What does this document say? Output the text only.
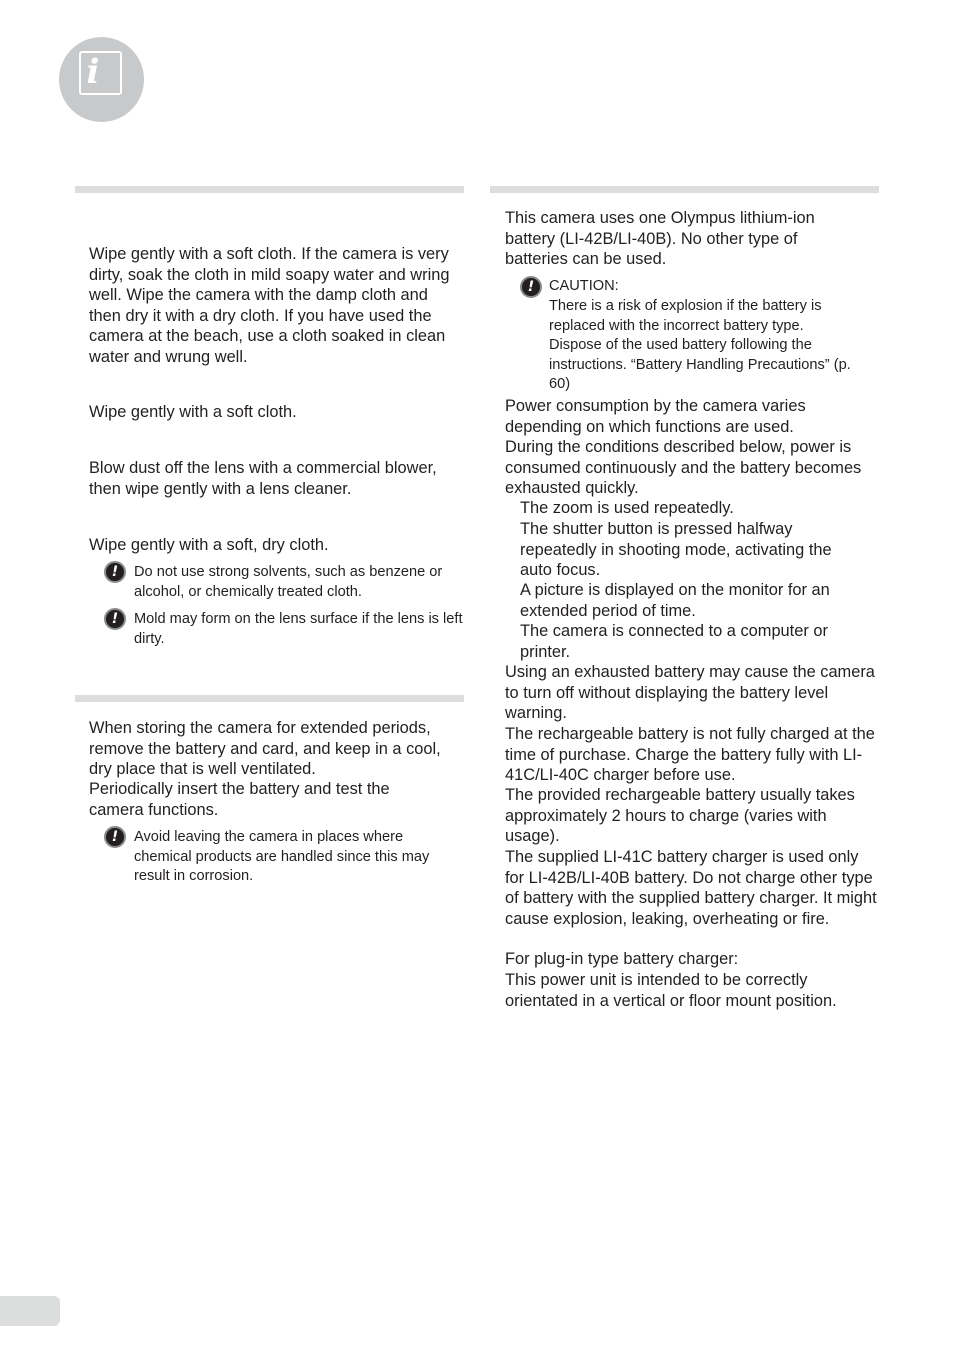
i
Wipe gently with a soft cloth. If the camera is very dirty, soak the cloth in mild soapy water and wring well. Wipe the camera with the damp cloth and then dry it with a dry cloth. If you have used the camera at the beach, use a cloth soaked in clean water and wrung well.
Wipe gently with a soft cloth.
Blow dust off the lens with a commercial blower, then wipe gently with a lens cleaner.
Wipe gently with a soft, dry cloth.
!	Do not use strong solvents, such as benzene or alcohol, or chemically treated cloth.
!	Mold may form on the lens surface if the lens is left dirty.
When storing the camera for extended periods, remove the battery and card, and keep in a cool, dry place that is well ventilated.
Periodically insert the battery and test the camera functions.
!	Avoid leaving the camera in places where chemical products are handled since this may result in corrosion.
This camera uses one Olympus lithium-ion battery (LI-42B/LI-40B). No other type of batteries can be used.
!	CAUTION:
There is a risk of explosion if the battery is replaced with the incorrect battery type. Dispose of the used battery following the instructions. “Battery Handling Precautions” (p. 60)
Power consumption by the camera varies depending on which functions are used.
During the conditions described below, power is consumed continuously and the battery becomes exhausted quickly.
The zoom is used repeatedly.
The shutter button is pressed halfway repeatedly in shooting mode, activating the auto focus.
A picture is displayed on the monitor for an extended period of time.
The camera is connected to a computer or printer.
Using an exhausted battery may cause the camera to turn off without displaying the battery level warning.
The rechargeable battery is not fully charged at the time of purchase. Charge the battery fully with LI-41C/LI-40C charger before use.
The provided rechargeable battery usually takes approximately 2 hours to charge (varies with usage).
The supplied LI-41C battery charger is used only for LI-42B/LI-40B battery. Do not charge other type of battery with the supplied battery charger. It might cause explosion, leaking, overheating or fire.
For plug-in type battery charger:
This power unit is intended to be correctly orientated in a vertical or floor mount position.
